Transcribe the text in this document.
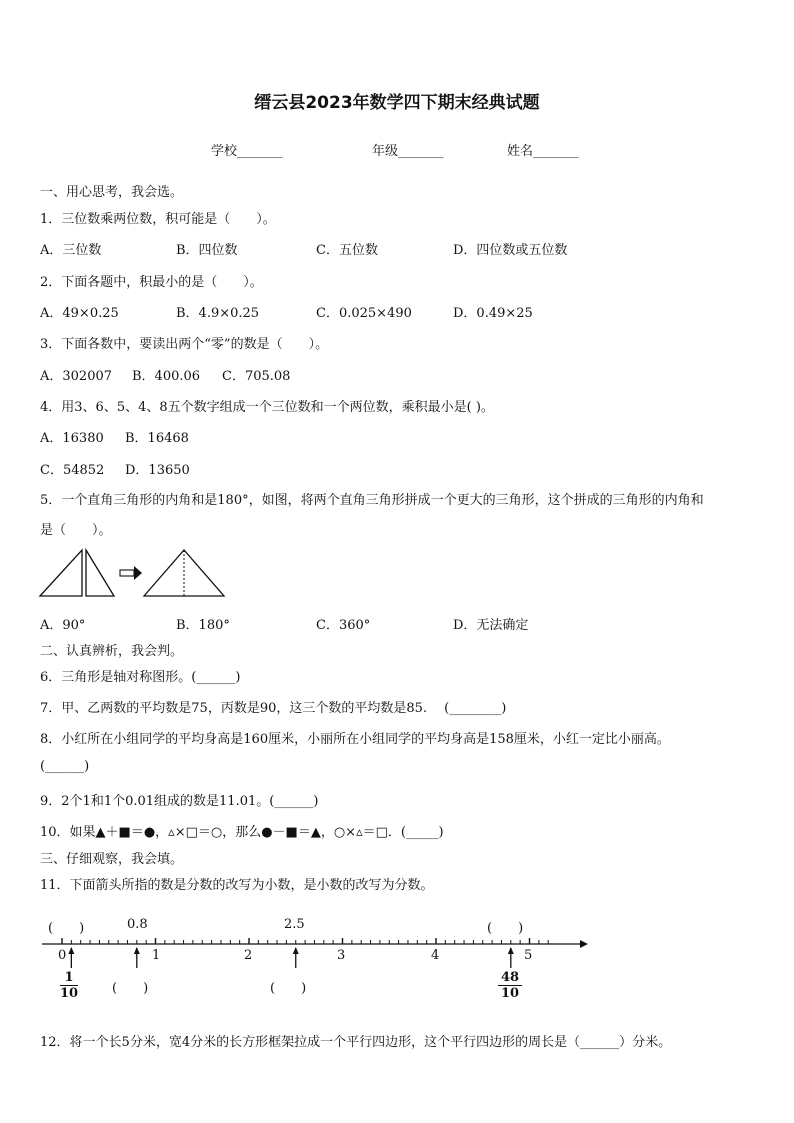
缙云县2023年数学四下期末经典试题
学校_______	年级_______	姓名_______
一、用心思考，我会选。
1．三位数乘两位数，积可能是（　　）。
A．三位数	B．四位数	C．五位数	D．四位数或五位数
2．下面各题中，积最小的是（　　）。
A．49×0.25	B．4.9×0.25	C．0.025×490	D．0.49×25
3．下面各数中，要读出两个“零”的数是（　　）。
A．302007 B．400.06 C．705.08
4．用3、6、5、4、8五个数字组成一个三位数和一个两位数，乘积最小是( )。
A．16380 B．16468
C．54852 D．13650
5．一个直角三角形的内角和是180°，如图，将两个直角三角形拼成一个更大的三角形，这个拼成的三角形的内角和
是（　　）。
A．90°	B．180°	C．360°	D．无法确定
二、认真辨析，我会判。
6．三角形是轴对称图形。(______)
7．甲、乙两数的平均数是75，丙数是90，这三个数的平均数是85.　 (________)
8．小红所在小组同学的平均身高是160厘米，小丽所在小组同学的平均身高是158厘米，小红一定比小丽高。
(______)
9．2个1和1个0.01组成的数是11.01。(______)
10．如果▲＋■＝●，▵×□＝○，那么●－■＝▲，○×▵＝□．(_____)
三、仔细观察，我会填。
11．下面箭头所指的数是分数的改写为小数，是小数的改写为分数。
(　　)	0.8	2.5	(　　)
0	1	2	3	4	5
$\frac{1}{10}$	(　　)	(　　)	$\frac{48}{10}$
12．将一个长5分米，宽4分米的长方形框架拉成一个平行四边形，这个平行四边形的周长是（______）分米。
